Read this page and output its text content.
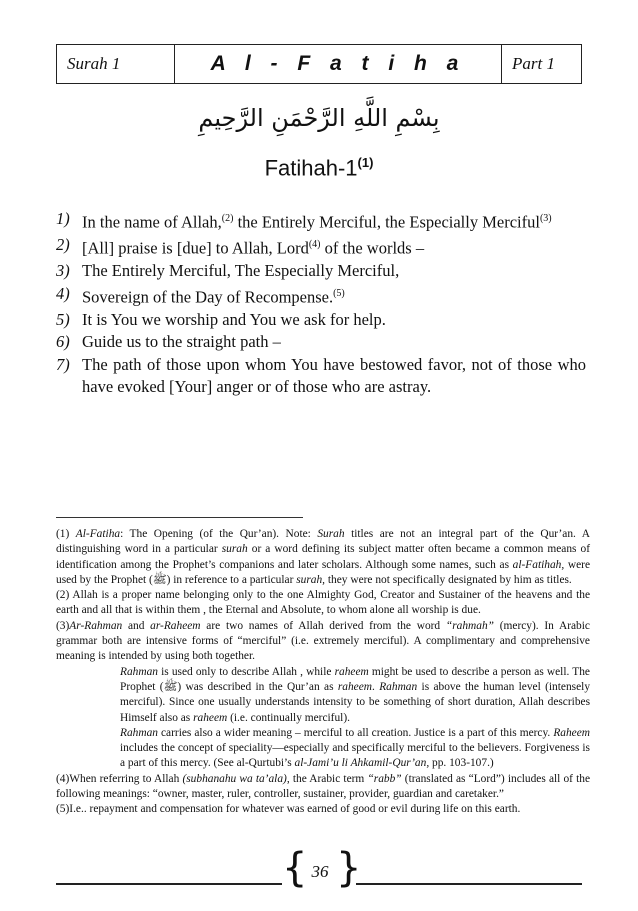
Surah 1	A l - F a t i h a	Part 1
بِسْمِ اللَّهِ الرَّحْمَنِ الرَّحِيمِ
Fatihah-1$^{(1)}$
1) In the name of Allah,$^{(2)}$ the Entirely Merciful, the Especially Merciful$^{(3)}$
2) [All] praise is [due] to Allah, Lord$^{(4)}$ of the worlds –
3) The Entirely Merciful, The Especially Merciful,
4) Sovereign of the Day of Recompense.$^{(5)}$
5) It is You we worship and You we ask for help.
6) Guide us to the straight path –
7) The path of those upon whom You have bestowed favor, not of those who have evoked [Your] anger or of those who are astray.

(1) Al-Fatiha: The Opening (of the Qur’an). Note: Surah titles are not an integral part of the Qur’an. A distinguishing word in a particular surah or a word defining its subject matter often became a common means of identification among the Prophet’s companions and later scholars. Although some names, such as al-Fatihah, were used by the Prophet (ﷺ) in reference to a particular surah, they were not specifically designated by him as titles.

(2) Allah is a proper name belonging only to the one Almighty God, Creator and Sustainer of the heavens and the earth and all that is within them , the Eternal and Absolute, to whom alone all worship is due.

(3)Ar-Rahman and ar-Raheem are two names of Allah derived from the word “rahmah” (mercy). In Arabic grammar both are intensive forms of “merciful” (i.e. extremely merciful). A complimentary and comprehensive meaning is intended by using both together.

Rahman is used only to describe Allah , while raheem might be used to describe a person as well. The Prophet (ﷺ) was described in the Qur’an as raheem. Rahman is above the human level (intensely merciful). Since one usually understands intensity to be something of short duration, Allah describes Himself also as raheem (i.e. continually merciful).

Rahman carries also a wider meaning – merciful to all creation. Justice is a part of this mercy. Raheem includes the concept of speciality—especially and specifically merciful to the believers. Forgiveness is a part of this mercy. (See al-Qurtubi’s al-Jami’u li Ahkamil-Qur’an, pp. 103-107.)

(4)When referring to Allah (subhanahu wa ta’ala), the Arabic term “rabb” (translated as “Lord”) includes all of the following meanings: “owner, master, ruler, controller, sustainer, provider, guardian and caretaker.”

(5)I.e.. repayment and compensation for whatever was earned of good or evil during life on this earth.

{ }
36
